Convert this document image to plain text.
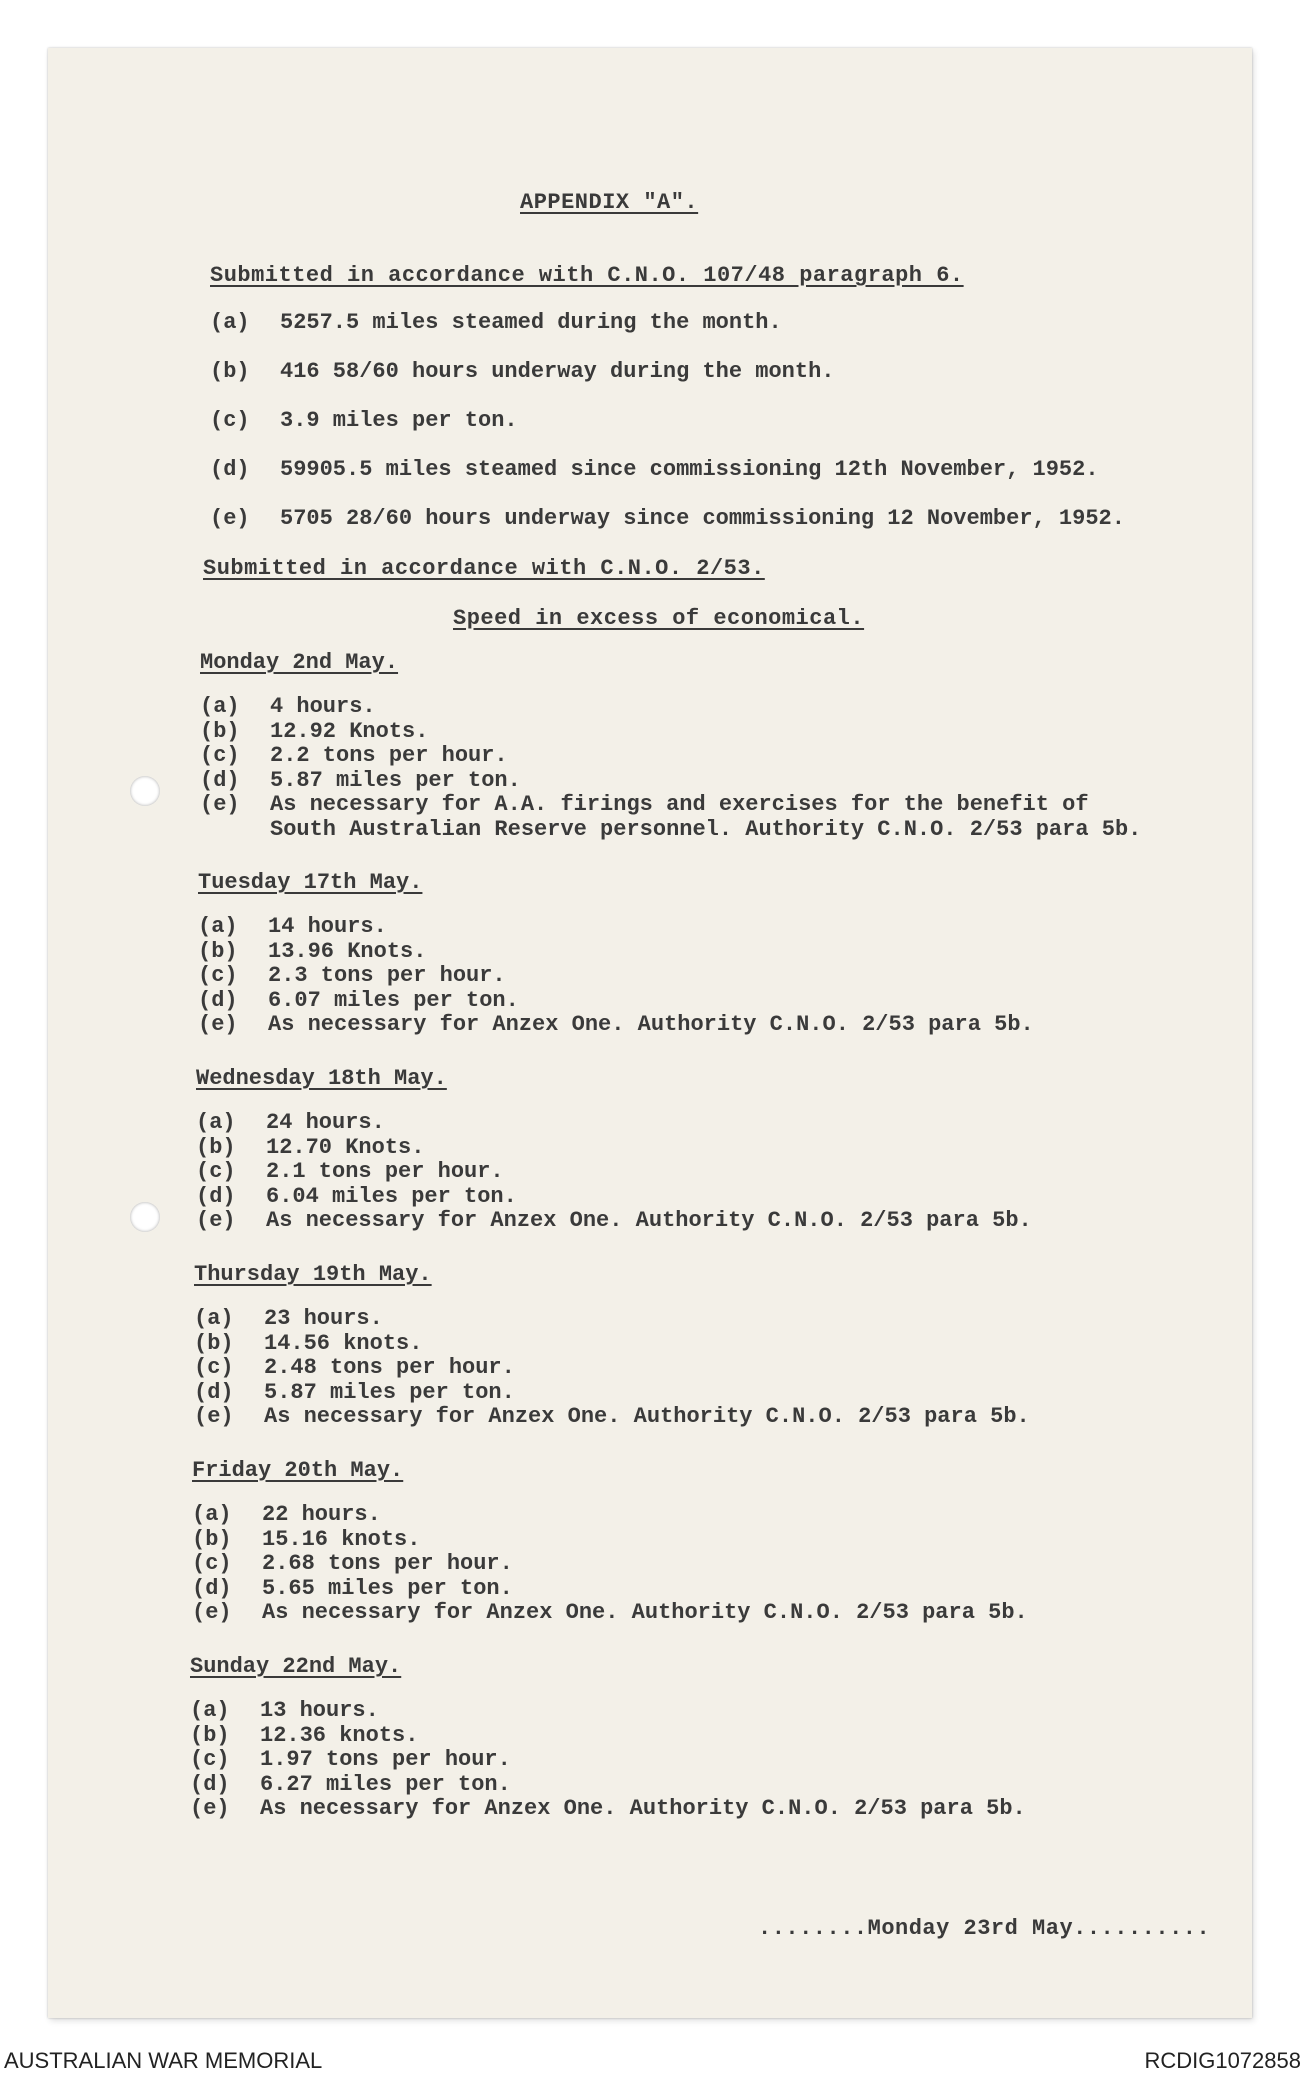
APPENDIX "A".
Submitted in accordance with C.N.O. 107/48 paragraph 6.
(a) 5257.5 miles steamed during the month.
(b) 416 58/60 hours underway during the month.
(c) 3.9 miles per ton.
(d) 59905.5 miles steamed since commissioning 12th November, 1952.
(e) 5705 28/60 hours underway since commissioning 12 November, 1952.
Submitted in accordance with C.N.O. 2/53.
Speed in excess of economical.
Monday 2nd May.
(a) 4 hours.
(b) 12.92 Knots.
(c) 2.2 tons per hour.
(d) 5.87 miles per ton.
(e) As necessary for A.A. firings and exercises for the benefit of
South Australian Reserve personnel. Authority C.N.O. 2/53 para 5b.
Tuesday 17th May.
(a) 14 hours.
(b) 13.96 Knots.
(c) 2.3 tons per hour.
(d) 6.07 miles per ton.
(e) As necessary for Anzex One. Authority C.N.O. 2/53 para 5b.
Wednesday 18th May.
(a) 24 hours.
(b) 12.70 Knots.
(c) 2.1 tons per hour.
(d) 6.04 miles per ton.
(e) As necessary for Anzex One. Authority C.N.O. 2/53 para 5b.
Thursday 19th May.
(a) 23 hours.
(b) 14.56 knots.
(c) 2.48 tons per hour.
(d) 5.87 miles per ton.
(e) As necessary for Anzex One. Authority C.N.O. 2/53 para 5b.
Friday 20th May.
(a) 22 hours.
(b) 15.16 knots.
(c) 2.68 tons per hour.
(d) 5.65 miles per ton.
(e) As necessary for Anzex One. Authority C.N.O. 2/53 para 5b.
Sunday 22nd May.
(a) 13 hours.
(b) 12.36 knots.
(c) 1.97 tons per hour.
(d) 6.27 miles per ton.
(e) As necessary for Anzex One. Authority C.N.O. 2/53 para 5b.
........Monday 23rd May..........
AUSTRALIAN WAR MEMORIAL	RCDIG1072858
